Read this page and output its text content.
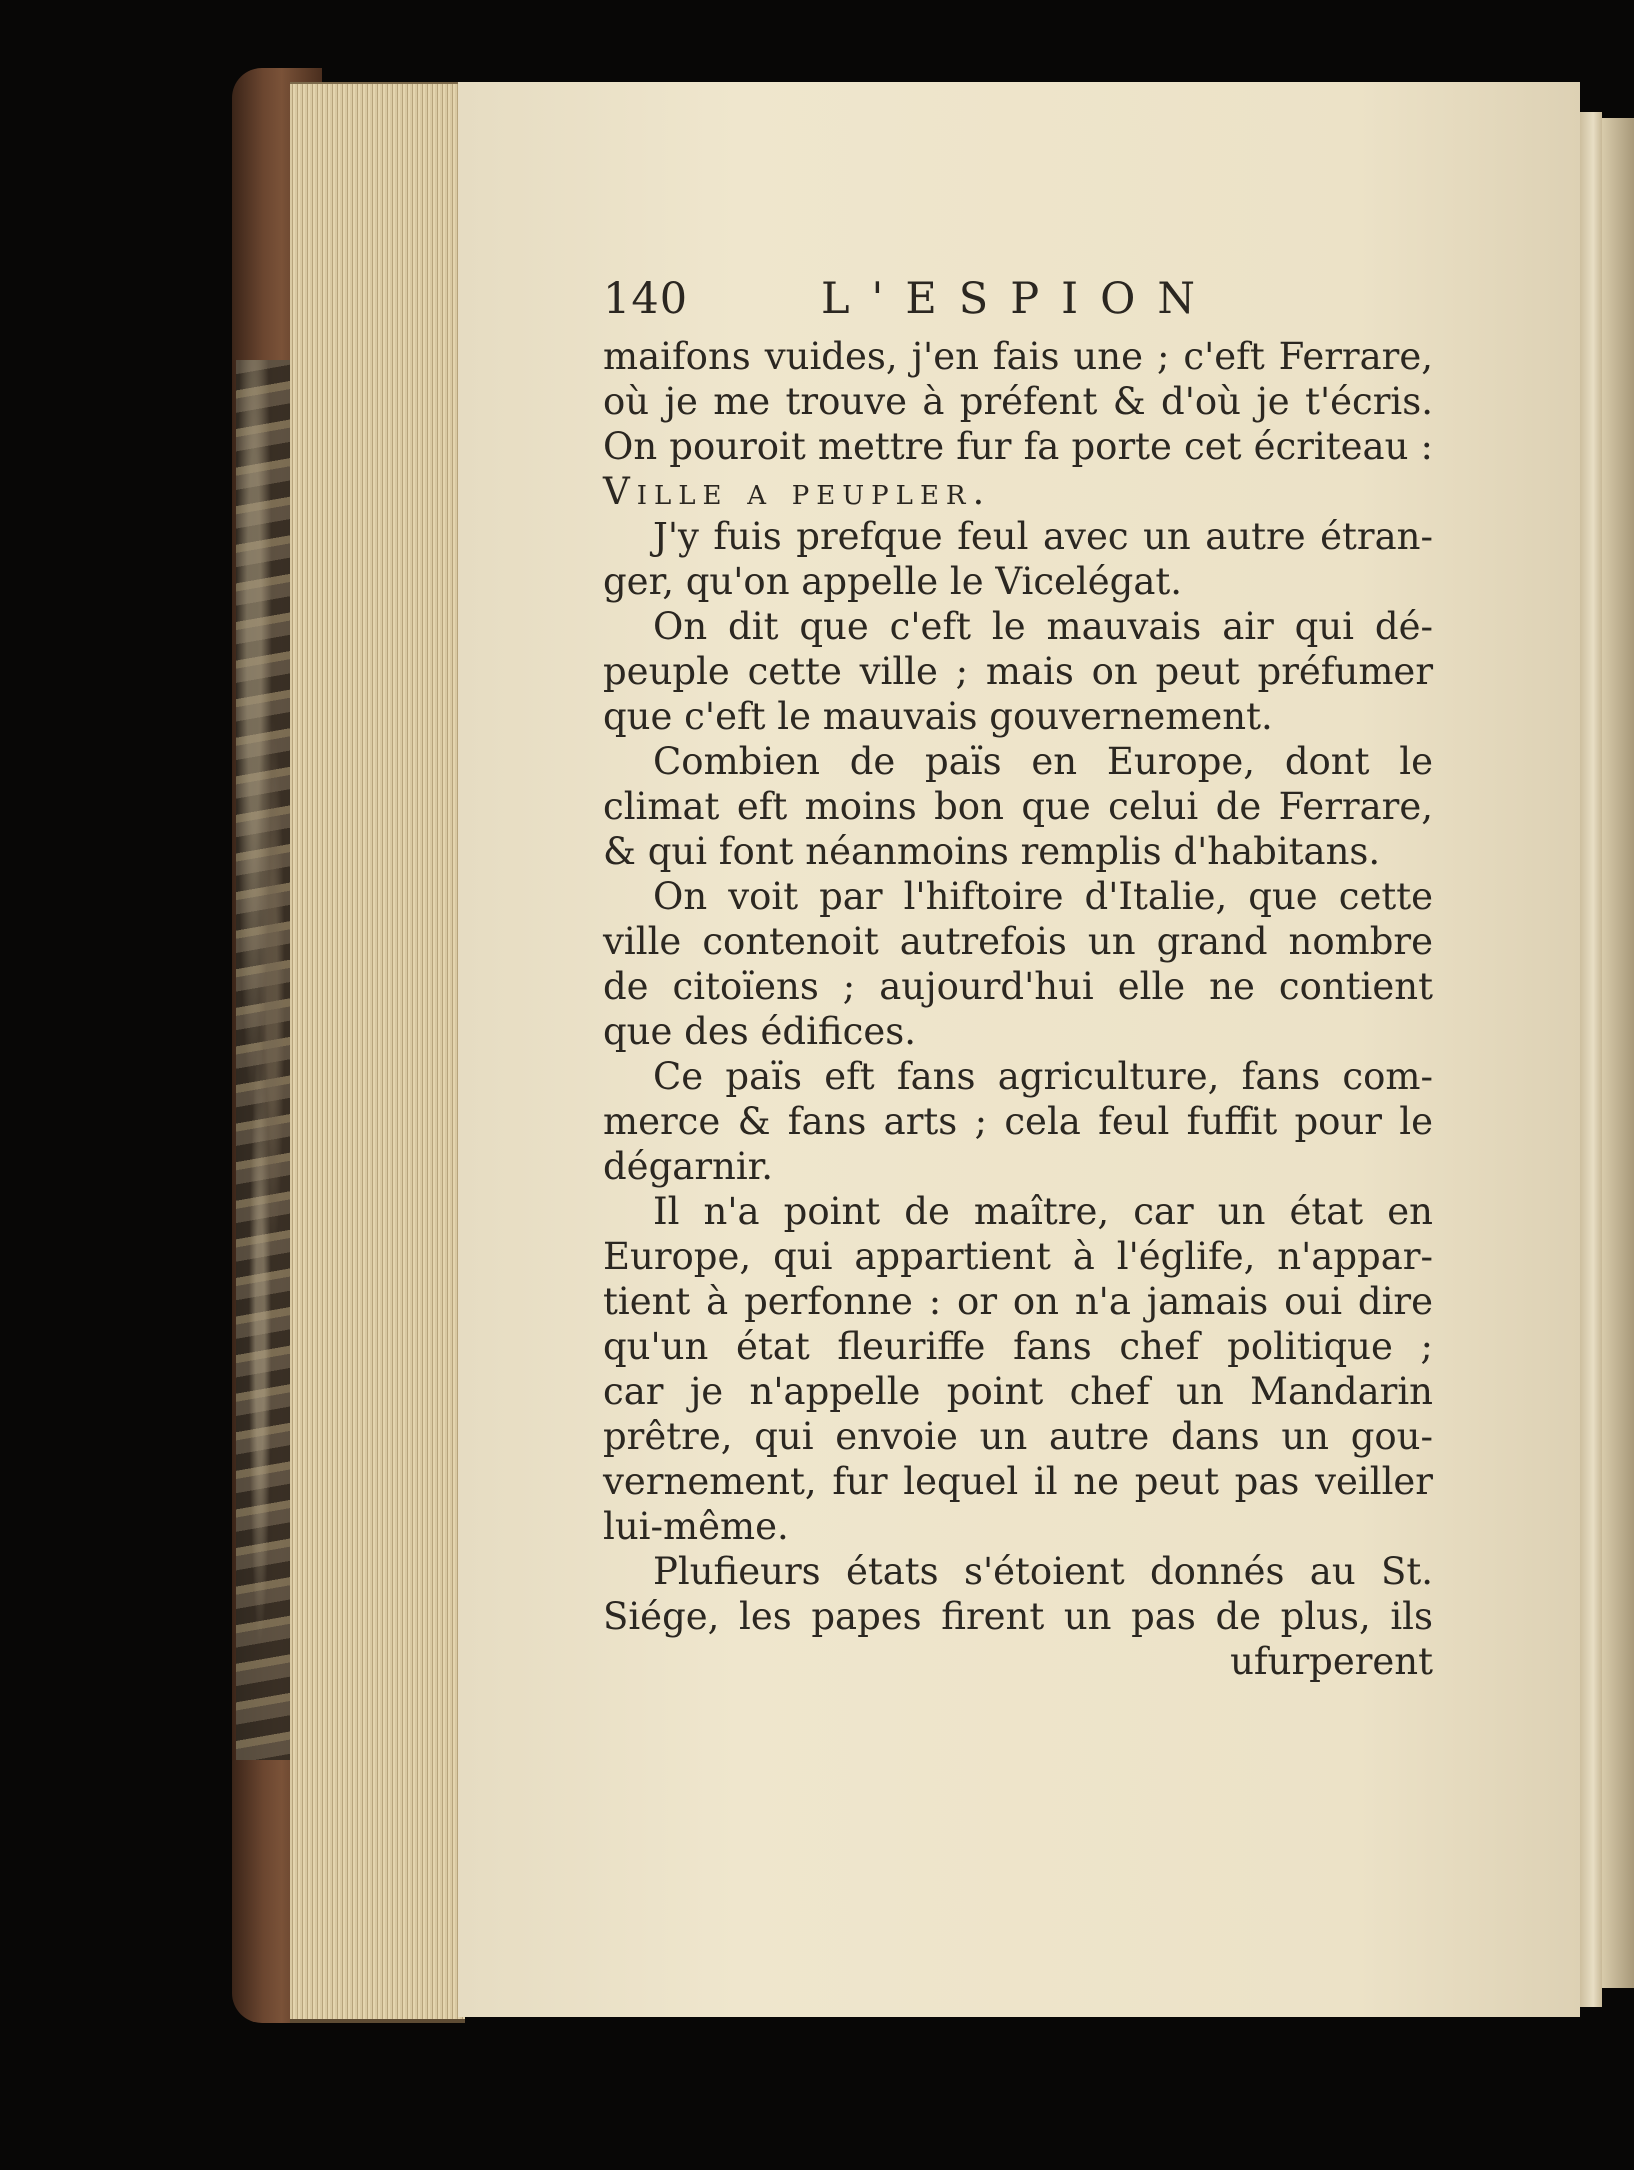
140	L'ESPION
maifons vuides, j'en fais une ; c'eft Ferrare,
où je me trouve à préfent & d'où je t'écris.
On pouroit mettre fur fa porte cet écriteau :
Ville a peupler.
J'y fuis prefque feul avec un autre étran-
ger, qu'on appelle le Vicelégat.
On dit que c'eft le mauvais air qui dé-
peuple cette ville ; mais on peut préfumer
que c'eft le mauvais gouvernement.
Combien de païs en Europe, dont le
climat eft moins bon que celui de Ferrare,
& qui font néanmoins remplis d'habitans.
On voit par l'hiftoire d'Italie, que cette
ville contenoit autrefois un grand nombre
de citoïens ; aujourd'hui elle ne contient
que des édifices.
Ce païs eft fans agriculture, fans com-
merce & fans arts ; cela feul fuffit pour le
dégarnir.
Il n'a point de maître, car un état en
Europe, qui appartient à l'églife, n'appar-
tient à perfonne : or on n'a jamais oui dire
qu'un état fleuriffe fans chef politique ;
car je n'appelle point chef un Mandarin
prêtre, qui envoie un autre dans un gou-
vernement, fur lequel il ne peut pas veiller
lui-même.
Plufieurs états s'étoient donnés au St.
Siége, les papes firent un pas de plus, ils
ufurperent
